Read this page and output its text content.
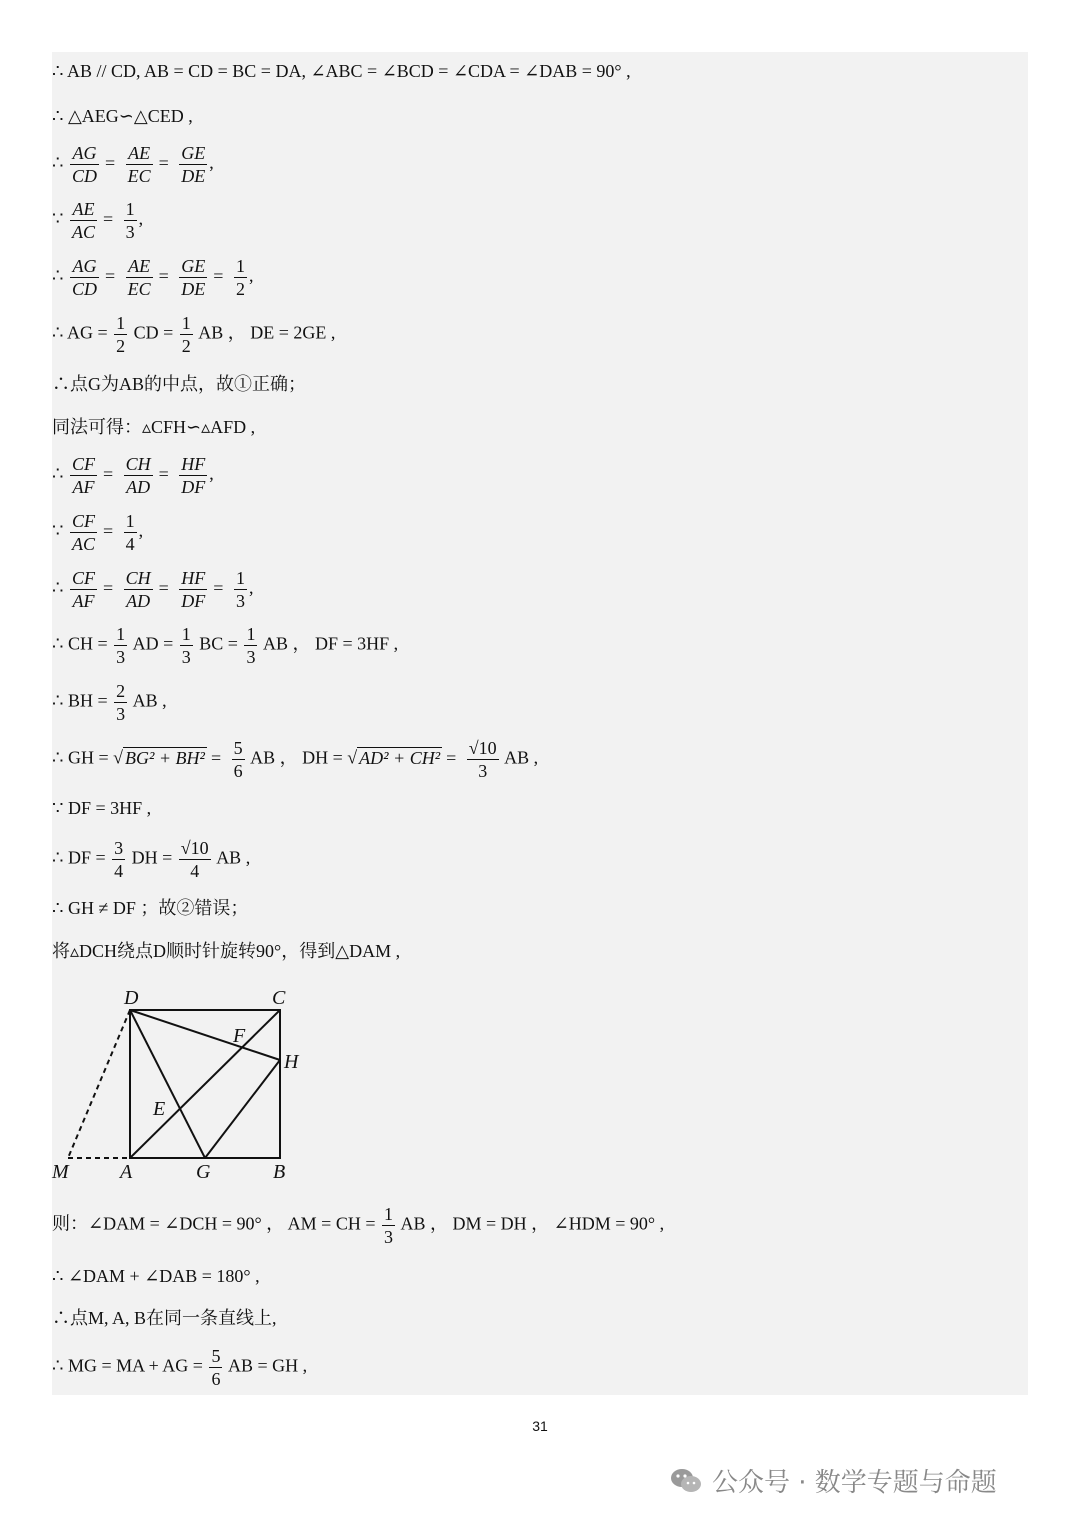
∴ AB // CD, AB = CD = BC = DA, ∠ABC = ∠BCD = ∠CDA = ∠DAB = 90° ,
∴ △AEG∽△CED ,
∴ $\frac{AG}{CD} = \frac{AE}{EC} = \frac{GE}{DE}$ ,
∵ $\frac{AE}{AC} = \frac{1}{3}$ ,
∴ $\frac{AG}{CD} = \frac{AE}{EC} = \frac{GE}{DE} = \frac{1}{2}$ ,
∴ AG = $\frac{1}{2}$ CD = $\frac{1}{2}$ AB ， DE = 2GE ,
∴点G为AB的中点，故①正确；
同法可得：▵CFH∽▵AFD ,
∴ $\frac{CF}{AF} = \frac{CH}{AD} = \frac{HF}{DF}$ ,
∵ $\frac{CF}{AC} = \frac{1}{4}$ ,
∴ $\frac{CF}{AF} = \frac{CH}{AD} = \frac{HF}{DF} = \frac{1}{3}$ ,
∴ CH = $\frac{1}{3}$ AD = $\frac{1}{3}$ BC = $\frac{1}{3}$ AB ， DF = 3HF ,
∴ BH = $\frac{2}{3}$ AB ,
∴ GH = √ $BG^2 + BH^2 = \frac{5}{6}$ AB ， DH = √ $AD^2 + CH^2 = \frac{√10}{3}$ AB ,
∵ DF = 3HF ,
∴ DF = $\frac{3}{4}$ DH = $\frac{√10}{4}$ AB ,
∴ GH ≠ DF ；故②错误；
将▵DCH绕点D顺时针旋转90°，得到△DAM ,
D	C
F
H
E
M	A	G	B
则：∠DAM = ∠DCH = 90° ， AM = CH = $\frac{1}{3}$ AB ， DM = DH ， ∠HDM = 90° ,
∴ ∠DAM + ∠DAB = 180° ,
∴点M, A, B在同一条直线上,
∴ MG = MA + AG = $\frac{5}{6}$ AB = GH ,
31
公众号 · 数学专题与命题
